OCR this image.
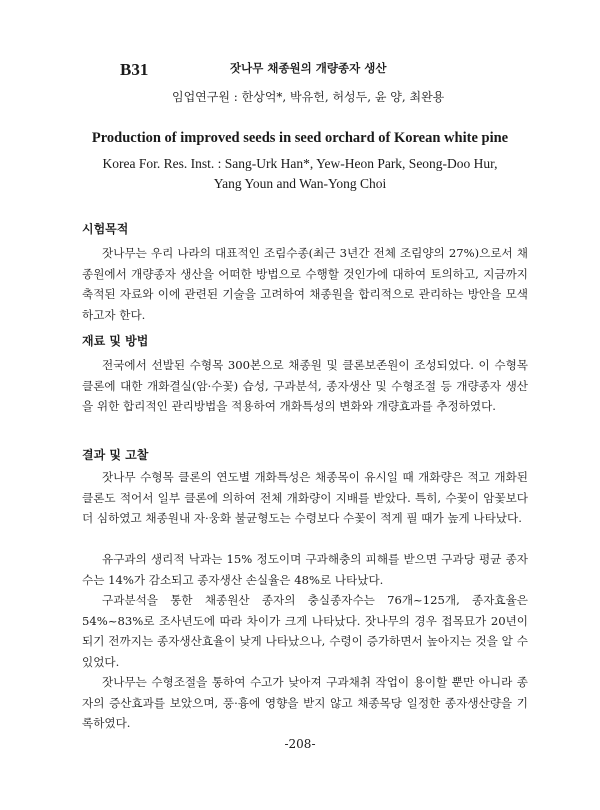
B31	잣나무 채종원의 개량종자 생산
임업연구원 : 한상억*, 박유헌, 허성두, 윤 양, 최완용
Production of improved seeds in seed orchard of Korean white pine
Korea For. Res. Inst. : Sang-Urk Han*, Yew-Heon Park, Seong-Doo Hur,
Yang Youn and Wan-Yong Choi
시험목적

잣나무는 우리 나라의 대표적인 조림수종(최근 3년간 전체 조림양의 27%)으로서 채종원에서 개량종자 생산을 어떠한 방법으로 수행할 것인가에 대하여 토의하고, 지금까지 축적된 자료와 이에 관련된 기술을 고려하여 채종원을 합리적으로 관리하는 방안을 모색하고자 한다.

재료 및 방법

전국에서 선발된 수형목 300본으로 채종원 및 클론보존원이 조성되었다. 이 수형목 클론에 대한 개화결실(암·수꽃) 습성, 구과분석, 종자생산 및 수형조절 등 개량종자 생산을 위한 합리적인 관리방법을 적용하여 개화특성의 변화와 개량효과를 추정하였다.

결과 및 고찰

잣나무 수형목 클론의 연도별 개화특성은 채종목이 유시일 때 개화량은 적고 개화된 클론도 적어서 일부 클론에 의하여 전체 개화량이 지배를 받았다. 특히, 수꽃이 암꽃보다 더 심하였고 채종원내 자·웅화 불균형도는 수령보다 수꽃이 적게 필 때가 높게 나타났다.

유구과의 생리적 낙과는 15% 정도이며 구과해충의 피해를 받으면 구과당 평균 종자수는 14%가 감소되고 종자생산 손실율은 48%로 나타났다.

구과분석을 통한 채종원산 종자의 충실종자수는 76개~125개, 종자효율은 54%~83%로 조사년도에 따라 차이가 크게 나타났다. 잣나무의 경우 접목묘가 20년이 되기 전까지는 종자생산효율이 낮게 나타났으나, 수령이 증가하면서 높아지는 것을 알 수 있었다.

잣나무는 수형조절을 통하여 수고가 낮아져 구과채취 작업이 용이할 뿐만 아니라 종자의 증산효과를 보았으며, 풍·흉에 영향을 받지 않고 채종목당 일정한 종자생산량을 기록하였다.

-208-
